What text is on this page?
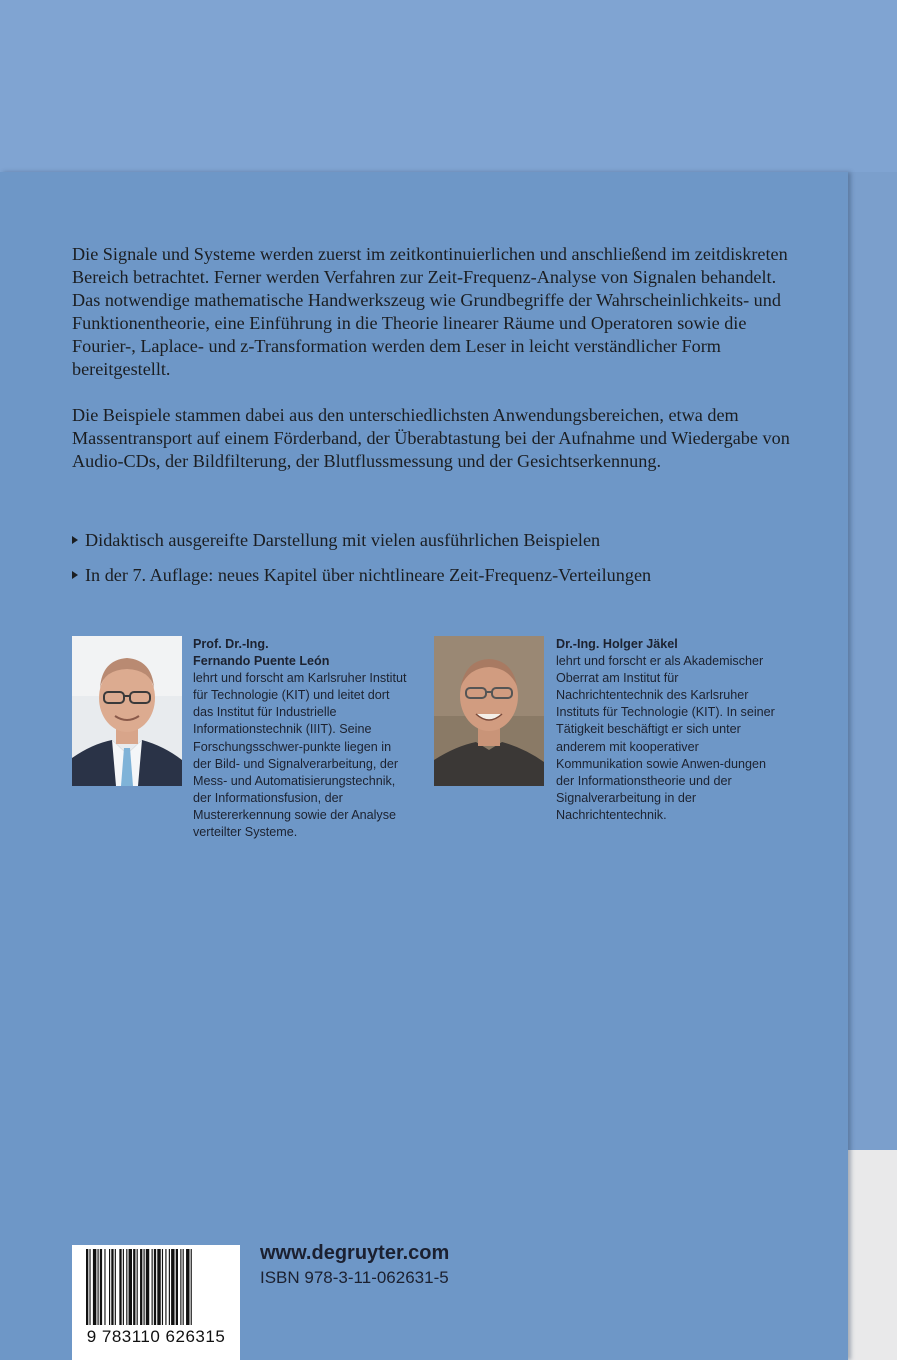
Die Signale und Systeme werden zuerst im zeitkontinuierlichen und anschließend im zeitdiskreten Bereich betrachtet. Ferner werden Verfahren zur Zeit-Frequenz-Analyse von Signalen behandelt. Das notwendige mathematische Handwerkszeug wie Grundbegriffe der Wahrscheinlichkeits- und Funktionentheorie, eine Einführung in die Theorie linearer Räume und Operatoren sowie die Fourier-, Laplace- und z-Transformation werden dem Leser in leicht verständlicher Form bereitgestellt.

Die Beispiele stammen dabei aus den unterschiedlichsten Anwendungsbereichen, etwa dem Massentransport auf einem Förderband, der Überabtastung bei der Aufnahme und Wiedergabe von Audio-CDs, der Bildfilterung, der Blutflussmessung und der Gesichtserkennung.

Didaktisch ausgereifte Darstellung mit vielen ausführlichen Beispielen
In der 7. Auflage: neues Kapitel über nichtlineare Zeit-Frequenz-Verteilungen
Prof. Dr.-Ing.
Fernando Puente León
lehrt und forscht am Karlsruher Institut für Technologie (KIT) und leitet dort das Institut für Industrielle Informationstechnik (IIIT). Seine Forschungsschwer-punkte liegen in der Bild- und Signalverarbeitung, der Mess- und Automatisierungstechnik, der Informationsfusion, der Mustererkennung sowie der Analyse verteilter Systeme.
Dr.-Ing. Holger Jäkel
lehrt und forscht er als Akademischer Oberrat am Institut für Nachrichtentechnik des Karlsruher Instituts für Technologie (KIT). In seiner Tätigkeit beschäftigt er sich unter anderem mit kooperativer Kommunikation sowie Anwen-dungen der Informationstheorie und der Signalverarbeitung in der Nachrichtentechnik.
9 783110 626315
www.degruyter.com
ISBN 978-3-11-062631-5
